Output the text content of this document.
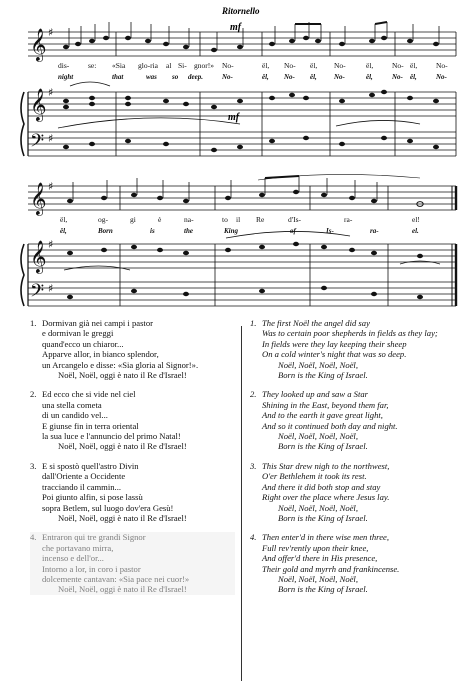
𝄞
𝄞
𝄢
𝄞
𝄞
𝄢
♯
♯
♯
♯
♯
♯
Ritornello
mf
mf
dis-	se: «Sia glo-ria al Si- gnor!» No-	ël, No- ël, No-	ël, No- ël, No-
night	that	was so deep.	No-	ël, No- ël, No-	ël,	No- ël,	No-
ël,	og-	gi	è	na-	to il Re	d'Is-	ra-	el!
ël,	Born	is	the	King	of	Is-	ra-	el.
1. Dormivan già nei campi i pastor
e dormivan le greggi
quand'ecco un chiaror...
Apparve allor, in bianco splendor,
un Arcangelo e disse: «Sia gloria al Signor!».
Noël, Noël, oggi è nato il Re d'Israel!
2. Ed ecco che si vide nel ciel
una stella cometa
di un candido vel...
E giunse fin in terra oriental
la sua luce e l'annuncio del primo Natal!
Noël, Noël, oggi è nato il Re d'Israel!
3. E si spostò quell'astro Divin
dall'Oriente a Occidente
tracciando il cammin...
Poi giunto alfin, si pose lassù
sopra Betlem, sul luogo dov'era Gesù!
Noël, Noël, oggi è nato il Re d'Israel!
4. Entraron qui tre grandi Signor
che portavano mirra,
incenso e dell'or...
Intorno a lor, in coro i pastor
dolcemente cantavan: «Sia pace nei cuor!»
Noël, Noël, oggi è nato il Re d'Israel!
1. The first Noël the angel did say
Was to certain poor shepherds in fields as they lay;
In fields were they lay keeping their sheep
On a cold winter's night that was so deep.
Noël, Noël, Noël, Noël,
Born is the King of Israel.
2. They looked up and saw a Star
Shining in the East, beyond them far,
And to the earth it gave great light,
And so it continued both day and night.
Noël, Noël, Noël, Noël,
Born is the King of Israel.
3. This Star drew nigh to the northwest,
O'er Bethlehem it took its rest.
And there it did both stop and stay
Right over the place where Jesus lay.
Noël, Noël, Noël, Noël,
Born is the King of Israel.
4. Then enter'd in there wise men three,
Full rev'rently upon their knee,
And offer'd there in His presence,
Their gold and myrrh and frankincense.
Noël, Noël, Noël, Noël,
Born is the King of Israel.
